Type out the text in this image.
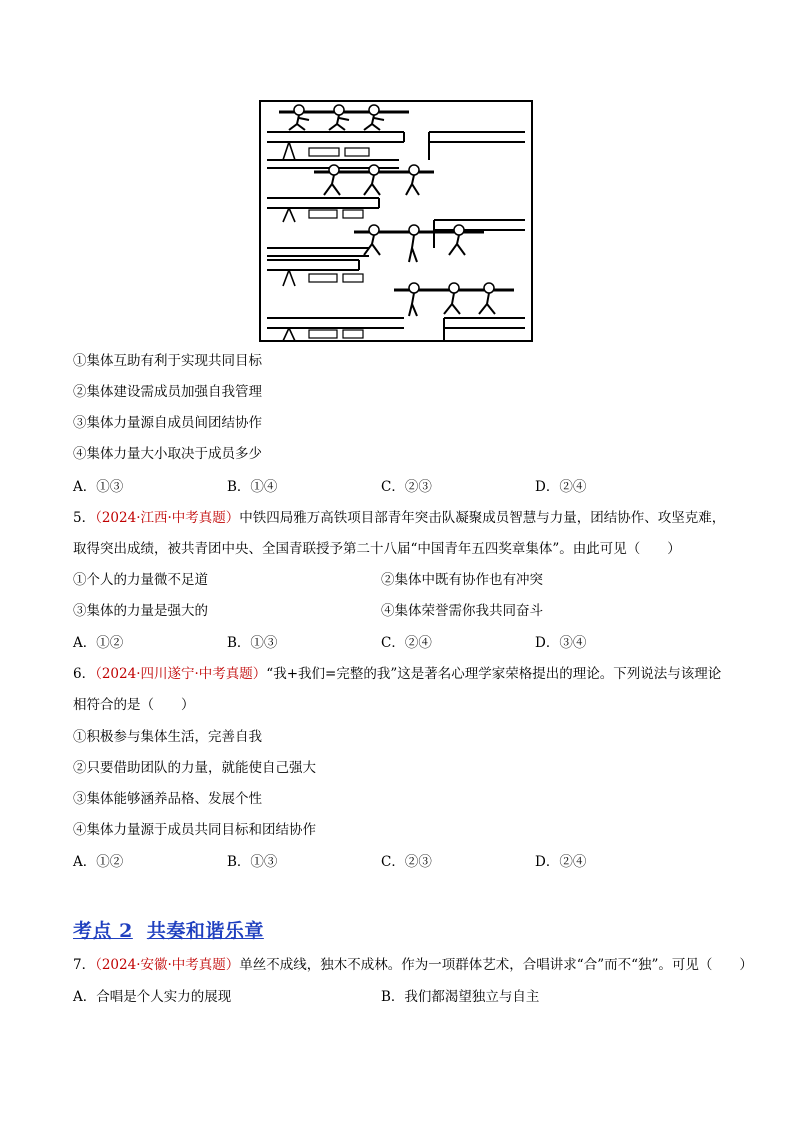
①集体互助有利于实现共同目标
②集体建设需成员加强自我管理
③集体力量源自成员间团结协作
④集体力量大小取决于成员多少
A．①③	B．①④	C．②③	D．②④
5．（2024·江西·中考真题）中铁四局雅万高铁项目部青年突击队凝聚成员智慧与力量，团结协作、攻坚克难，
取得突出成绩，被共青团中央、全国青联授予第二十八届“中国青年五四奖章集体”。由此可见（　　）
①个人的力量微不足道	②集体中既有协作也有冲突
③集体的力量是强大的	④集体荣誉需你我共同奋斗
A．①②	B．①③	C．②④	D．③④
6．（2024·四川遂宁·中考真题）“我+我们=完整的我”这是著名心理学家荣格提出的理论。下列说法与该理论
相符合的是（　　）
①积极参与集体生活，完善自我
②只要借助团队的力量，就能使自己强大
③集体能够涵养品格、发展个性
④集体力量源于成员共同目标和团结协作
A．①②	B．①③	C．②③	D．②④
考点 2 共奏和谐乐章
7．（2024·安徽·中考真题）单丝不成线，独木不成林。作为一项群体艺术，合唱讲求“合”而不“独”。可见（　　）
A．合唱是个人实力的展现	B．我们都渴望独立与自主
